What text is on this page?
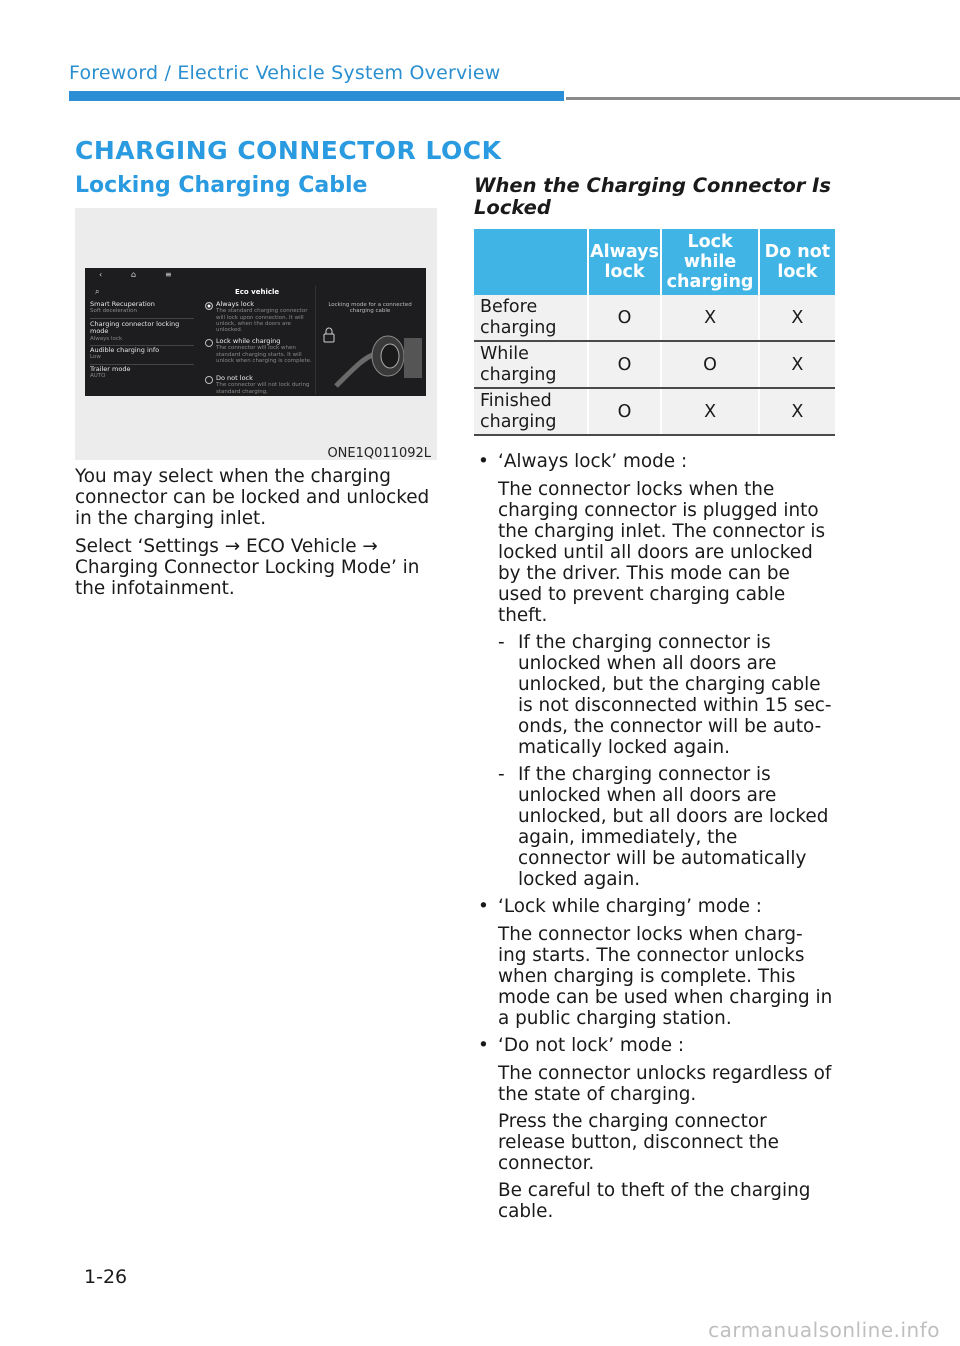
Foreword / Electric Vehicle System Overview
CHARGING CONNECTOR LOCK
Locking Charging Cable
‹	⌂	≡
⌕	Eco vehicle
Smart Recuperation
Soft deceleration
Charging connector locking mode
Always lock
Audible charging info
Low
Trailer mode
AUTO
Always lock
The standard charging connector will lock upon connection. It will unlock, when the doors are unlocked.
Lock while charging
The connector will lock when standard charging starts. It will unlock when charging is complete.
Do not lock
The connector will not lock during standard charging.
Locking mode for a connected charging cable
ONE1Q011092L

You may select when the charging connector can be locked and unlocked in the charging inlet.

Select ‘Settings → ECO Vehicle → Charging Connector Locking Mode’ in the infotainment.

When the Charging Connector Is Locked
	Always lock	Lock while charging	Do not lock
Before charging	O	X	X
While charging	O	O	X
Finished charging	O	X	X
• ‘Always lock’ mode :
The connector locks when the charging connector is plugged into the charging inlet. The connector is locked until all doors are unlocked by the driver. This mode can be used to prevent charging cable theft.
- If the charging connector is unlocked when all doors are unlocked, but the charging cable is not disconnected within 15 sec- onds, the connector will be auto- matically locked again.
- If the charging connector is unlocked when all doors are unlocked, but all doors are locked again, immediately, the connector will be automatically locked again.
• ‘Lock while charging’ mode :
The connector locks when charg- ing starts. The connector unlocks when charging is complete. This mode can be used when charging in a public charging station.
• ‘Do not lock’ mode :
The connector unlocks regardless of the state of charging.
Press the charging connector release button, disconnect the connector.
Be careful to theft of the charging cable.
1-26
carmanualsonline.info
